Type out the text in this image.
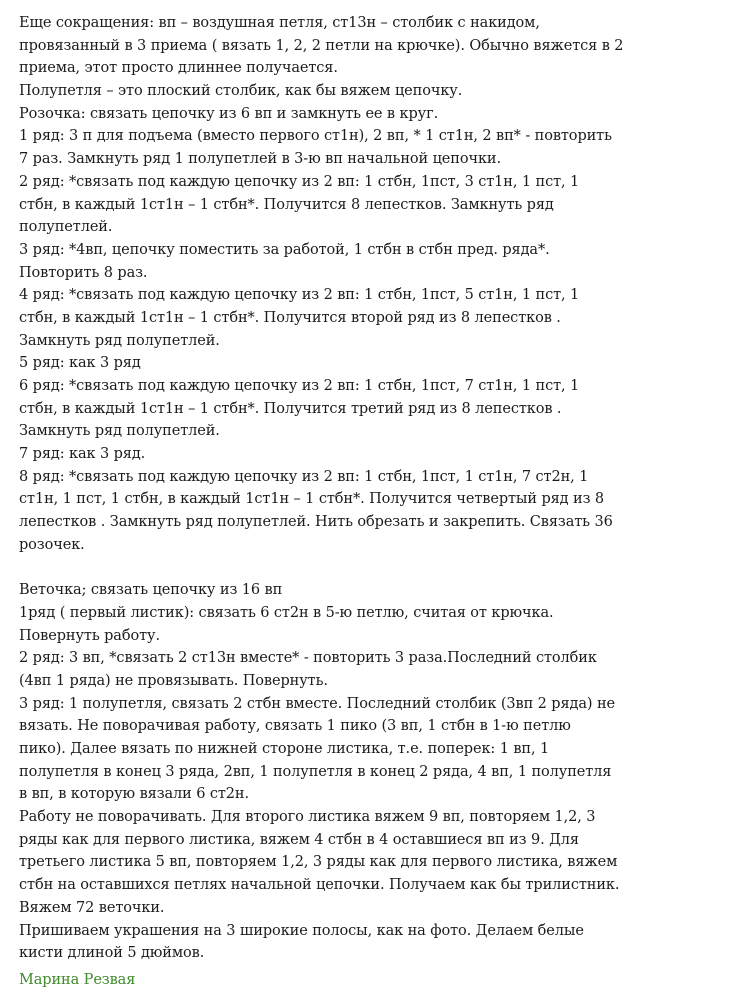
Еще сокращения: вп – воздушная петля, ст13н – столбик с накидом,
провязанный в 3 приема ( вязать 1, 2, 2 петли на крючке). Обычно вяжется в 2
приема, этот просто длиннее получается.
Полупетля – это плоский столбик, как бы вяжем цепочку.
Розочка: связать цепочку из 6 вп и замкнуть ее в круг.
1 ряд: 3 п для подъема (вместо первого ст1н), 2 вп, * 1 ст1н, 2 вп* - повторить
7 раз. Замкнуть ряд 1 полупетлей в 3-ю вп начальной цепочки.
2 ряд: *связать под каждую цепочку из 2 вп: 1 стбн, 1пст, 3 ст1н, 1 пст, 1
стбн, в каждый 1ст1н – 1 стбн*. Получится 8 лепестков. Замкнуть ряд
полупетлей.
3 ряд: *4вп, цепочку поместить за работой, 1 стбн в стбн пред. ряда*.
Повторить 8 раз.
4 ряд: *связать под каждую цепочку из 2 вп: 1 стбн, 1пст, 5 ст1н, 1 пст, 1
стбн, в каждый 1ст1н – 1 стбн*. Получится второй ряд из 8 лепестков .
Замкнуть ряд полупетлей.
5 ряд: как 3 ряд
6 ряд: *связать под каждую цепочку из 2 вп: 1 стбн, 1пст, 7 ст1н, 1 пст, 1
стбн, в каждый 1ст1н – 1 стбн*. Получится третий ряд из 8 лепестков .
Замкнуть ряд полупетлей.
7 ряд: как 3 ряд.
8 ряд: *связать под каждую цепочку из 2 вп: 1 стбн, 1пст, 1 ст1н, 7 ст2н, 1
ст1н, 1 пст, 1 стбн, в каждый 1ст1н – 1 стбн*. Получится четвертый ряд из 8
лепестков . Замкнуть ряд полупетлей. Нить обрезать и закрепить. Связать 36
розочек.
Веточка; связать цепочку из 16 вп
1ряд ( первый листик): связать 6 ст2н в 5-ю петлю, считая от крючка.
Повернуть работу.
2 ряд: 3 вп, *связать 2 ст13н вместе* - повторить 3 раза.Последний столбик
(4вп 1 ряда) не провязывать. Повернуть.
3 ряд: 1 полупетля, связать 2 стбн вместе. Последний столбик (3вп 2 ряда) не
вязать. Не поворачивая работу, связать 1 пико (3 вп, 1 стбн в 1-ю петлю
пико). Далее вязать по нижней стороне листика, т.е. поперек: 1 вп, 1
полупетля в конец 3 ряда, 2вп, 1 полупетля в конец 2 ряда, 4 вп, 1 полупетля
в вп, в которую вязали 6 ст2н.
Работу не поворачивать. Для второго листика вяжем 9 вп, повторяем 1,2, 3
ряды как для первого листика, вяжем 4 стбн в 4 оставшиеся вп из 9. Для
третьего листика 5 вп, повторяем 1,2, 3 ряды как для первого листика, вяжем
стбн на оставшихся петлях начальной цепочки. Получаем как бы трилистник.
Вяжем 72 веточки.
Пришиваем украшения на 3 широкие полосы, как на фото. Делаем белые
кисти длиной 5 дюймов.
Марина Резвая
